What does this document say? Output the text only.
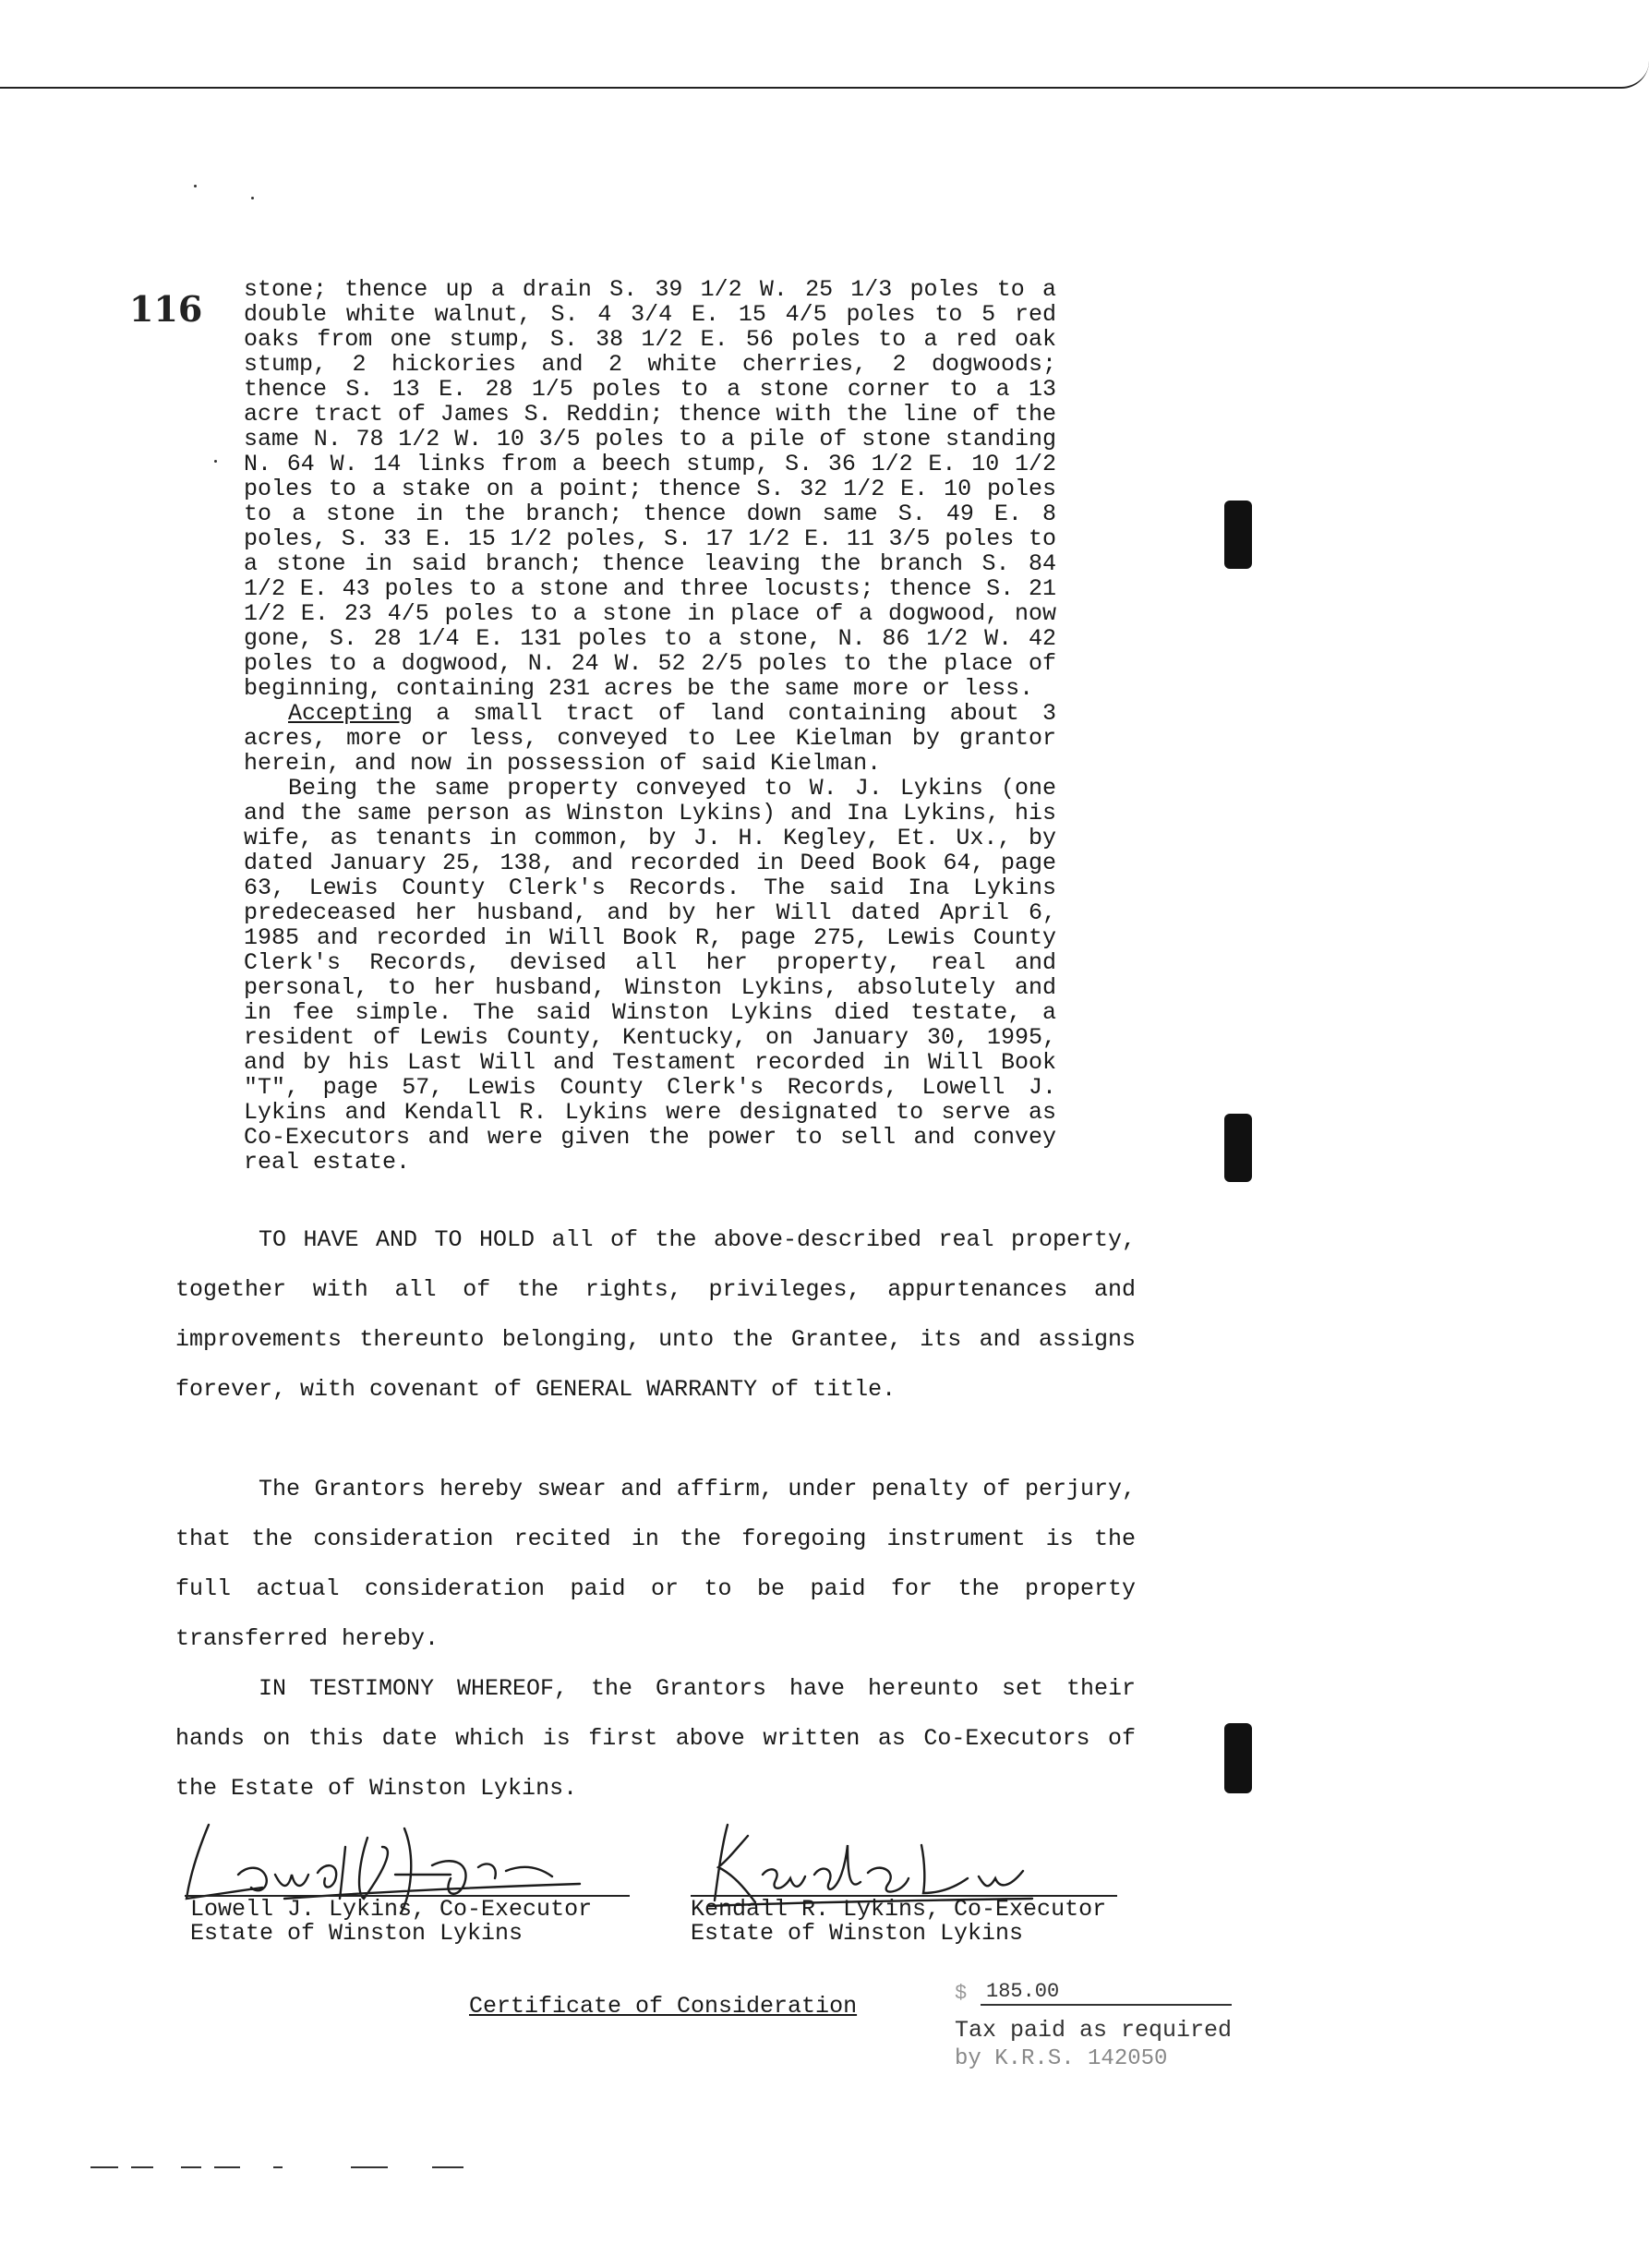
116 stone; thence up a drain S. 39 1/2 W. 25 1/3 poles to a double white walnut, S. 4 3/4 E. 15 4/5 poles to 5 red oaks from one stump, S. 38 1/2 E. 56 poles to a red oak stump, 2 hickories and 2 white cherries, 2 dogwoods; thence S. 13 E. 28 1/5 poles to a stone corner to a 13 acre tract of James S. Reddin; thence with the line of the same N. 78 1/2 W. 10 3/5 poles to a pile of stone standing N. 64 W. 14 links from a beech stump, S. 36 1/2 E. 10 1/2 poles to a stake on a point; thence S. 32 1/2 E. 10 poles to a stone in the branch; thence down same S. 49 E. 8 poles, S. 33 E. 15 1/2 poles, S. 17 1/2 E. 11 3/5 poles to a stone in said branch; thence leaving the branch S. 84 1/2 E. 43 poles to a stone and three locusts; thence S. 21 1/2 E. 23 4/5 poles to a stone in place of a dogwood, now gone, S. 28 1/4 E. 131 poles to a stone, N. 86 1/2 W. 42 poles to a dogwood, N. 24 W. 52 2/5 poles to the place of beginning, containing 231 acres be the same more or less.

Accepting a small tract of land containing about 3 acres, more or less, conveyed to Lee Kielman by grantor herein, and now in possession of said Kielman.

Being the same property conveyed to W. J. Lykins (one and the same person as Winston Lykins) and Ina Lykins, his wife, as tenants in common, by J. H. Kegley, Et. Ux., by dated January 25, 138, and recorded in Deed Book 64, page 63, Lewis County Clerk's Records. The said Ina Lykins predeceased her husband, and by her Will dated April 6, 1985 and recorded in Will Book R, page 275, Lewis County Clerk's Records, devised all her property, real and personal, to her husband, Winston Lykins, absolutely and in fee simple. The said Winston Lykins died testate, a resident of Lewis County, Kentucky, on January 30, 1995, and by his Last Will and Testament recorded in Will Book "T", page 57, Lewis County Clerk's Records, Lowell J. Lykins and Kendall R. Lykins were designated to serve as Co-Executors and were given the power to sell and convey real estate.

TO HAVE AND TO HOLD all of the above-described real property, together with all of the rights, privileges, appurtenances and improvements thereunto belonging, unto the Grantee, its and assigns forever, with covenant of GENERAL WARRANTY of title.

The Grantors hereby swear and affirm, under penalty of perjury, that the consideration recited in the foregoing instrument is the full actual consideration paid or to be paid for the property transferred hereby.

IN TESTIMONY WHEREOF, the Grantors have hereunto set their hands on this date which is first above written as Co-Executors of the Estate of Winston Lykins.

Lowell J. Lykins, Co-Executor
Estate of Winston Lykins
Kendall R. Lykins, Co-Executor
Estate of Winston Lykins
Certificate of Consideration	$ 185.00
Tax paid as required
by K.R.S. 142050
